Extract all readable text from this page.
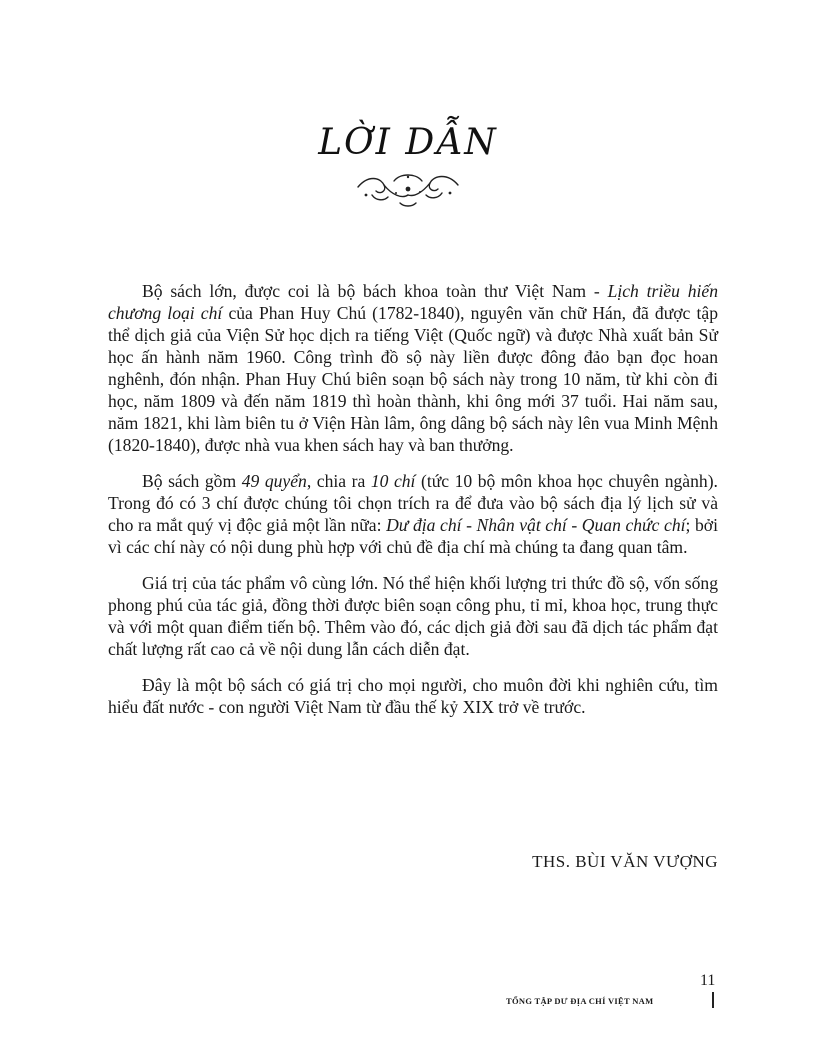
LỜI DẪN

Bộ sách lớn, được coi là bộ bách khoa toàn thư Việt Nam - Lịch triều hiến chương loại chí của Phan Huy Chú (1782-1840), nguyên văn chữ Hán, đã được tập thể dịch giả của Viện Sử học dịch ra tiếng Việt (Quốc ngữ) và được Nhà xuất bản Sử học ấn hành năm 1960. Công trình đồ sộ này liền được đông đảo bạn đọc hoan nghênh, đón nhận. Phan Huy Chú biên soạn bộ sách này trong 10 năm, từ khi còn đi học, năm 1809 và đến năm 1819 thì hoàn thành, khi ông mới 37 tuổi. Hai năm sau, năm 1821, khi làm biên tu ở Viện Hàn lâm, ông dâng bộ sách này lên vua Minh Mệnh (1820-1840), được nhà vua khen sách hay và ban thưởng.

Bộ sách gồm 49 quyển, chia ra 10 chí (tức 10 bộ môn khoa học chuyên ngành). Trong đó có 3 chí được chúng tôi chọn trích ra để đưa vào bộ sách địa lý lịch sử và cho ra mắt quý vị độc giả một lần nữa: Dư địa chí - Nhân vật chí - Quan chức chí; bởi vì các chí này có nội dung phù hợp với chủ đề địa chí mà chúng ta đang quan tâm.

Giá trị của tác phẩm vô cùng lớn. Nó thể hiện khối lượng tri thức đồ sộ, vốn sống phong phú của tác giả, đồng thời được biên soạn công phu, tỉ mỉ, khoa học, trung thực và với một quan điểm tiến bộ. Thêm vào đó, các dịch giả đời sau đã dịch tác phẩm đạt chất lượng rất cao cả về nội dung lẫn cách diễn đạt.

Đây là một bộ sách có giá trị cho mọi người, cho muôn đời khi nghiên cứu, tìm hiểu đất nước - con người Việt Nam từ đầu thế kỷ XIX trở về trước.

THS. BÙI VĂN VƯỢNG
TỔNG TẬP DƯ ĐỊA CHÍ VIỆT NAM
11
